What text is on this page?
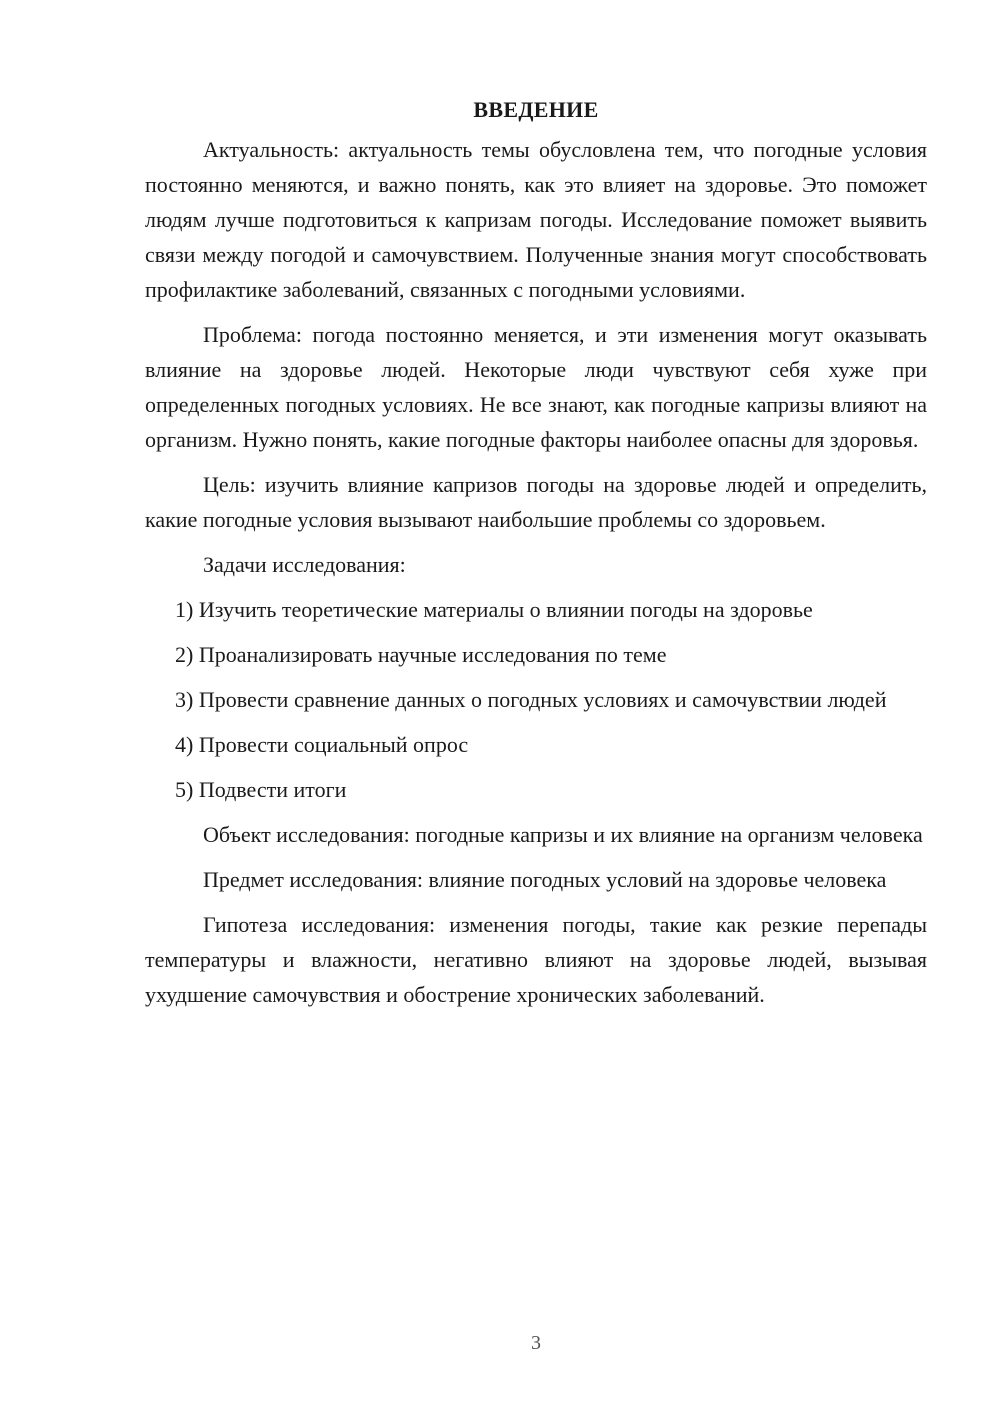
ВВЕДЕНИЕ

Актуальность: актуальность темы обусловлена тем, что погодные условия постоянно меняются, и важно понять, как это влияет на здоровье. Это поможет людям лучше подготовиться к капризам погоды. Исследование поможет выявить связи между погодой и самочувствием. Полученные знания могут способствовать профилактике заболеваний, связанных с погодными условиями.

Проблема: погода постоянно меняется, и эти изменения могут оказывать влияние на здоровье людей. Некоторые люди чувствуют себя хуже при определенных погодных условиях. Не все знают, как погодные капризы влияют на организм. Нужно понять, какие погодные факторы наиболее опасны для здоровья.

Цель: изучить влияние капризов погоды на здоровье людей и определить, какие погодные условия вызывают наибольшие проблемы со здоровьем.

Задачи исследования:

1) Изучить теоретические материалы о влиянии погоды на здоровье

2) Проанализировать научные исследования по теме

3) Провести сравнение данных о погодных условиях и самочувствии людей

4) Провести социальный опрос

5) Подвести итоги

Объект исследования: погодные капризы и их влияние на организм человека

Предмет исследования: влияние погодных условий на здоровье человека

Гипотеза исследования: изменения погоды, такие как резкие перепады температуры и влажности, негативно влияют на здоровье людей, вызывая ухудшение самочувствия и обострение хронических заболеваний.

3
